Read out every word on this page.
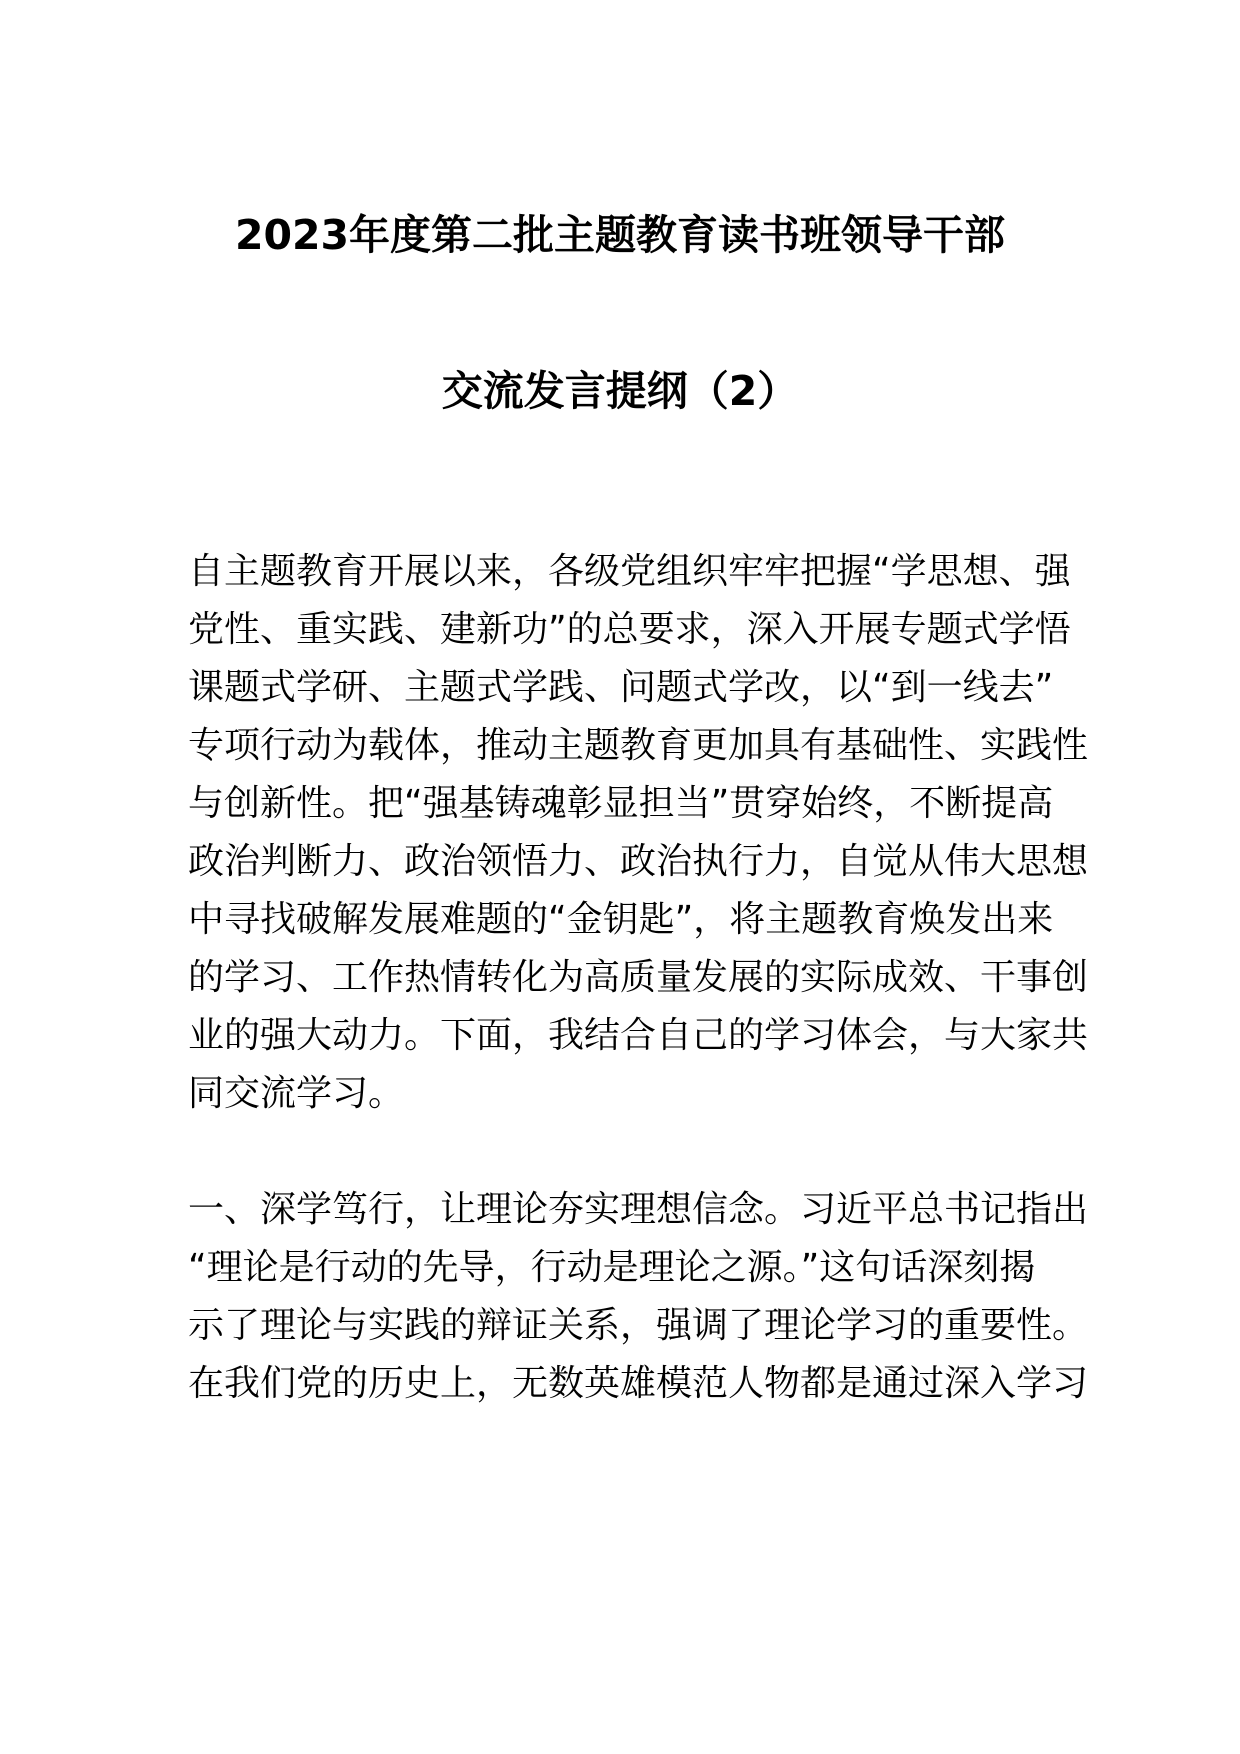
2023年度第二批主题教育读书班领导干部
交流发言提纲（2）
自主题教育开展以来，各级党组织牢牢把握“学思想、强
党性、重实践、建新功”的总要求，深入开展专题式学悟
课题式学研、主题式学践、问题式学改，以“到一线去”
专项行动为载体，推动主题教育更加具有基础性、实践性
与创新性。把“强基铸魂彰显担当”贯穿始终，不断提高
政治判断力、政治领悟力、政治执行力，自觉从伟大思想
中寻找破解发展难题的“金钥匙”，将主题教育焕发出来
的学习、工作热情转化为高质量发展的实际成效、干事创
业的强大动力。下面，我结合自己的学习体会，与大家共
同交流学习。
一、深学笃行，让理论夯实理想信念。习近平总书记指出
“理论是行动的先导，行动是理论之源。”这句话深刻揭
示了理论与实践的辩证关系，强调了理论学习的重要性。
在我们党的历史上，无数英雄模范人物都是通过深入学习
